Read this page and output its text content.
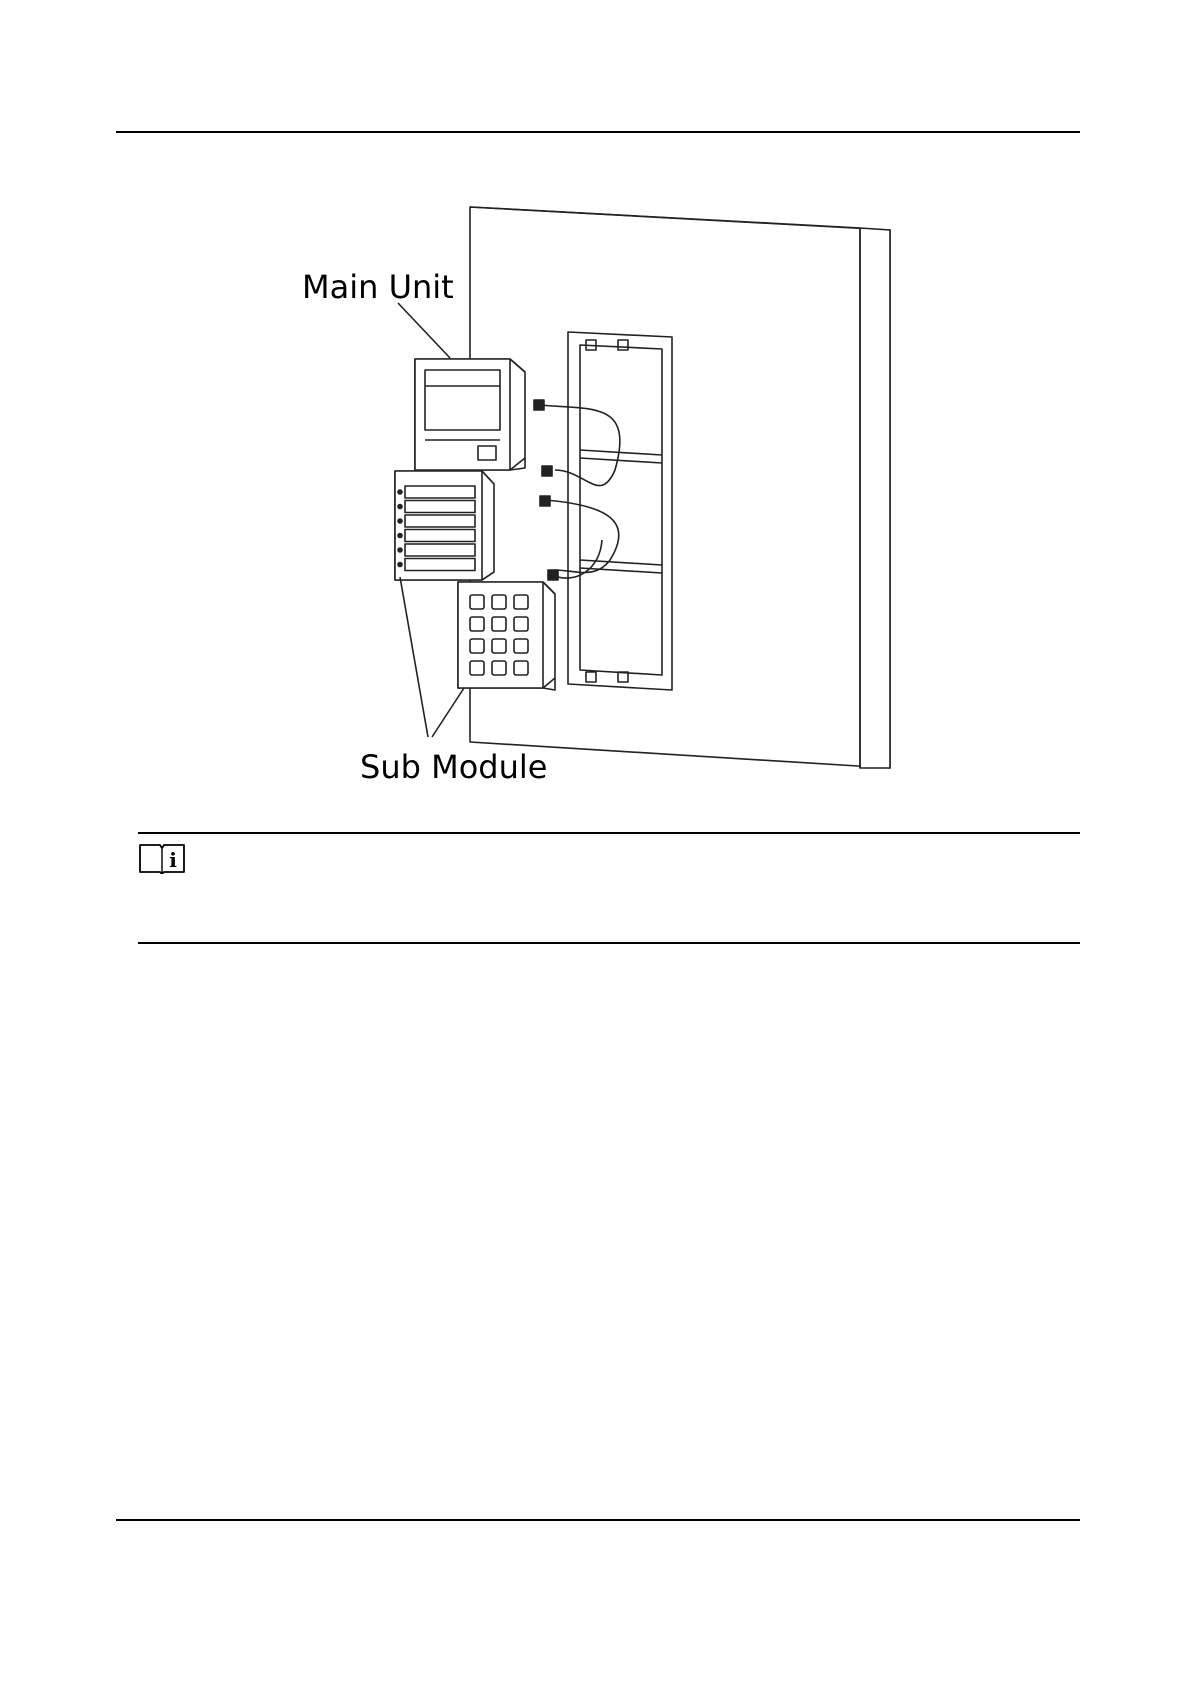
Main Unit
Sub Module
i
